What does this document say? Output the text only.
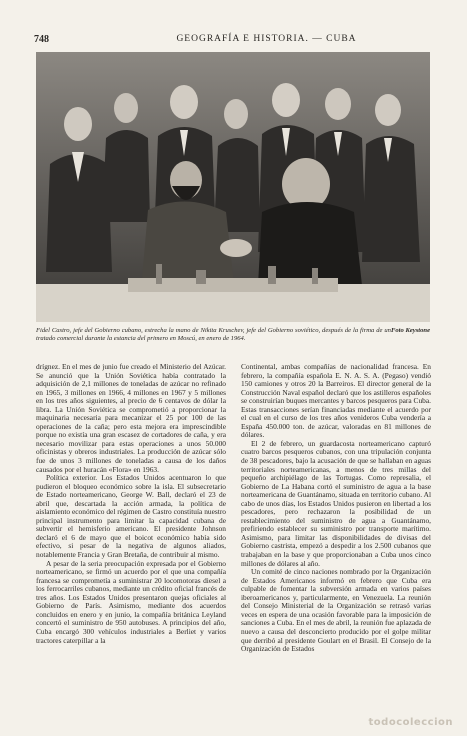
748	GEOGRAFÍA E HISTORIA. — CUBA
Foto Keystone
Fidel Castro, jefe del Gobierno cubano, estrecha la mano de Nikita Kruschev, jefe del Gobierno soviético, después de la firma de un tratado comercial durante la estancia del primero en Moscú, en enero de 1964.

drígnez. En el mes de junio fue creado el Ministerio del Azúcar. Se anunció que la Unión Soviética había contratado la adquisición de 2,1 millones de toneladas de azúcar no refinado en 1965, 3 millones en 1966, 4 millones en 1967 y 5 millones en los tres años siguientes, al precio de 6 centavos de dólar la libra. La Unión Soviética se comprometió a proporcionar la maquinaria necesaria para mecanizar el 25 por 100 de las operaciones de la caña; pero esta mejora era imprescindible porque no existía una gran escasez de cortadores de caña, y era necesario movilizar para estas operaciones a unos 50.000 oficinistas y obreros industriales. La producción de azúcar sólo fue de unos 3 millones de toneladas a causa de los daños causados por el huracán «Flora» en 1963.

Política exterior. Los Estados Unidos acentuaron lo que pudieron el bloqueo económico sobre la isla. El subsecretario de Estado norteamericano, George W. Ball, declaró el 23 de abril que, descartada la acción armada, la política de aislamiento económico del régimen de Castro constituía nuestro principal instrumento para limitar la capacidad cubana de subvertir el hemisferio americano. El presidente Johnson declaró el 6 de mayo que el boicot económico había sido efectivo, si pesar de la negativa de algunos aliados, notablemente Francia y Gran Bretaña, de contribuir al mismo.

A pesar de la seria preocupación expresada por el Gobierno norteamericano, se firmó un acuerdo por el que una compañía francesa se comprometía a suministrar 20 locomotoras diesel a los ferrocarriles cubanos, mediante un crédito oficial francés de tres años. Los Estados Unidos presentaron quejas oficiales al Gobierno de París. Asimismo, mediante dos acuerdos concluidos en enero y en junio, la compañía británica Leyland concertó el suministro de 950 autobuses. A principios del año, Cuba encargó 300 vehículos industriales a Berliet y varios tractores caterpillar a la

Continental, ambas compañías de nacionalidad francesa. En febrero, la compañía española E. N. A. S. A. (Pegaso) vendió 150 camiones y otros 20 la Barreiros. El director general de la Construcción Naval español declaró que los astilleros españoles se construirían buques mercantes y barcos pesqueros para Cuba. Estas transacciones serían financiadas mediante el acuerdo por el cual en el curso de los tres años venideros Cuba vendería a España 450.000 ton. de azúcar, valoradas en 81 millones de dólares.

El 2 de febrero, un guardacosta norteamericano capturó cuatro barcos pesqueros cubanos, con una tripulación conjunta de 38 pescadores, bajo la acusación de que se hallaban en aguas territoriales norteamericanas, a menos de tres millas del pequeño archipiélago de las Tortugas. Como represalia, el Gobierno de La Habana cortó el suministro de agua a la base norteamericana de Guantánamo, situada en territorio cubano. Al cabo de unos días, los Estados Unidos pusieron en libertad a los pescadores, pero rechazaron la posibilidad de un restablecimiento del suministro de agua a Guantánamo, prefiriendo establecer su suministro por transporte marítimo. Asimismo, para limitar las disponibilidades de divisas del Gobierno castrista, empezó a despedir a los 2.500 cubanos que trabajaban en la base y que proporcionaban a Cuba unos cinco millones de dólares al año.

Un comité de cinco naciones nombrado por la Organización de Estados Americanos informó en febrero que Cuba era culpable de fomentar la subversión armada en varios países iberoamericanos y, particularmente, en Venezuela. La reunión del Consejo Ministerial de la Organización se retrasó varias veces en espera de una ocasión favorable para la imposición de sanciones a Cuba. En el mes de abril, la reunión fue aplazada de nuevo a causa del desconcierto producido por el golpe militar que derribó al presidente Goulart en el Brasil. El Consejo de la Organización de Estados

todocoleccion
